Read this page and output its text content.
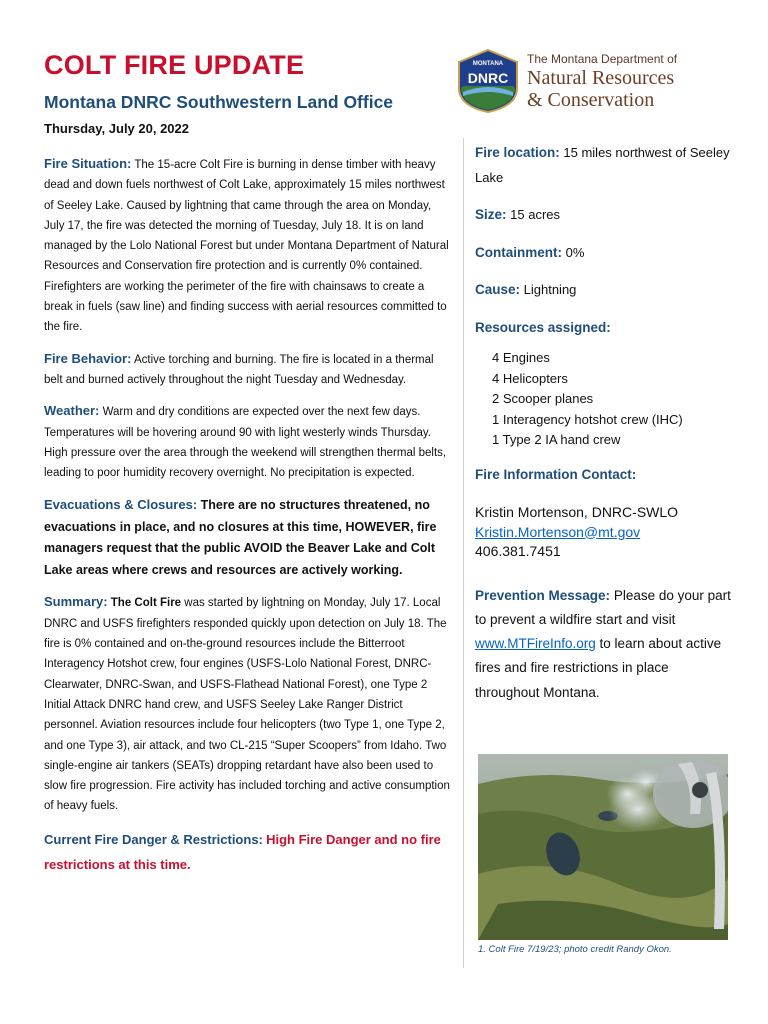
COLT FIRE UPDATE
Montana DNRC Southwestern Land Office
Thursday, July 20, 2022
MONTANA
DNRC
The Montana Department of
Natural Resources
& Conservation

Fire Situation: The 15-acre Colt Fire is burning in dense timber with heavy dead and down fuels northwest of Colt Lake, approximately 15 miles northwest of Seeley Lake. Caused by lightning that came through the area on Monday, July 17, the fire was detected the morning of Tuesday, July 18. It is on land managed by the Lolo National Forest but under Montana Department of Natural Resources and Conservation fire protection and is currently 0% contained. Firefighters are working the perimeter of the fire with chainsaws to create a break in fuels (saw line) and finding success with aerial resources committed to the fire.

Fire Behavior: Active torching and burning. The fire is located in a thermal belt and burned actively throughout the night Tuesday and Wednesday.

Weather: Warm and dry conditions are expected over the next few days. Temperatures will be hovering around 90 with light westerly winds Thursday. High pressure over the area through the weekend will strengthen thermal belts, leading to poor humidity recovery overnight. No precipitation is expected.

Evacuations & Closures: There are no structures threatened, no evacuations in place, and no closures at this time, HOWEVER, fire managers request that the public AVOID the Beaver Lake and Colt Lake areas where crews and resources are actively working.

Summary: The Colt Fire was started by lightning on Monday, July 17. Local DNRC and USFS firefighters responded quickly upon detection on July 18. The fire is 0% contained and on-the-ground resources include the Bitterroot Interagency Hotshot crew, four engines (USFS-Lolo National Forest, DNRC-Clearwater, DNRC-Swan, and USFS-Flathead National Forest), one Type 2 Initial Attack DNRC hand crew, and USFS Seeley Lake Ranger District personnel. Aviation resources include four helicopters (two Type 1, one Type 2, and one Type 3), air attack, and two CL-215 “Super Scoopers” from Idaho. Two single-engine air tankers (SEATs) dropping retardant have also been used to slow fire progression. Fire activity has included torching and active consumption of heavy fuels.

Current Fire Danger & Restrictions: High Fire Danger and no fire restrictions at this time.

Fire location: 15 miles northwest of Seeley Lake
Size: 15 acres
Containment: 0%
Cause: Lightning
Resources assigned:
4 Engines
4 Helicopters
2 Scooper planes
1 Interagency hotshot crew (IHC)
1 Type 2 IA hand crew
Fire Information Contact:
Kristin Mortenson, DNRC-SWLO
Kristin.Mortenson@mt.gov
406.381.7451
Prevention Message: Please do your part to prevent a wildfire start and visit www.MTFireInfo.org to learn about active fires and fire restrictions in place throughout Montana.
1. Colt Fire 7/19/23; photo credit Randy Okon.
